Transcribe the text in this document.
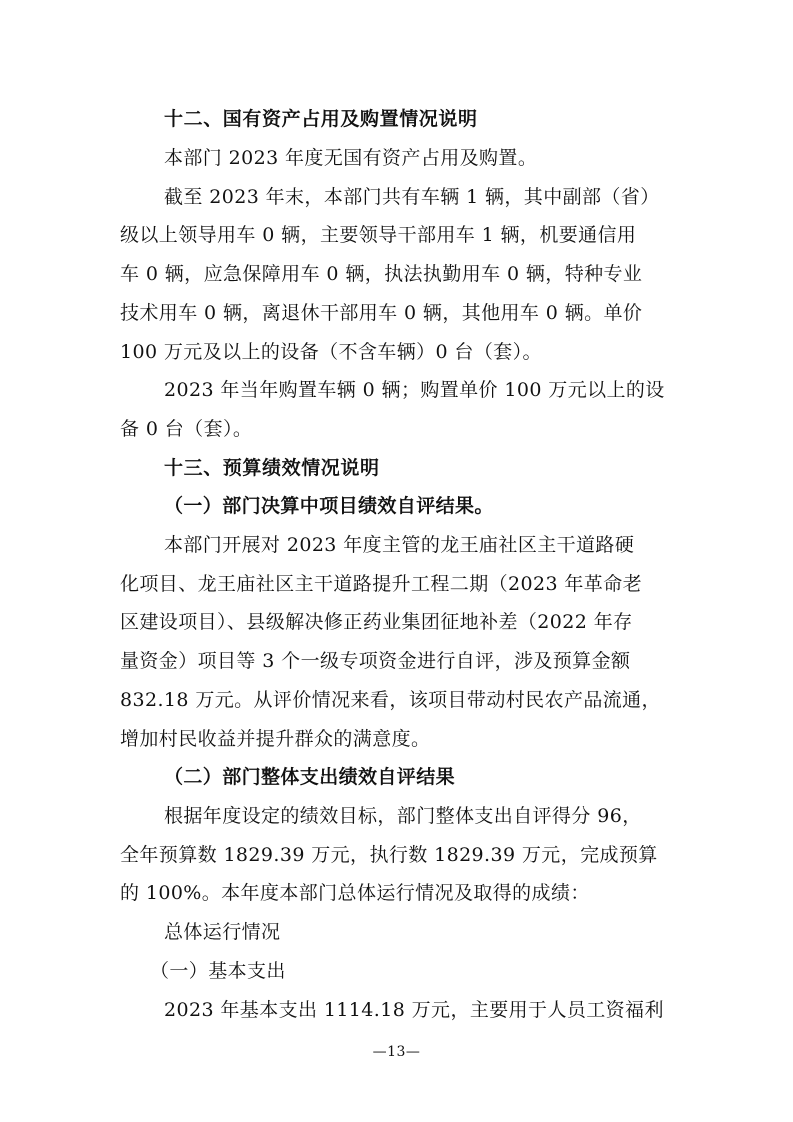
十二、国有资产占用及购置情况说明
本部门 2023 年度无国有资产占用及购置。
截至 2023 年末，本部门共有车辆 1 辆，其中副部（省）
级以上领导用车 0 辆，主要领导干部用车 1 辆，机要通信用
车 0 辆，应急保障用车 0 辆，执法执勤用车 0 辆，特种专业
技术用车 0 辆，离退休干部用车 0 辆，其他用车 0 辆。单价
100 万元及以上的设备（不含车辆）0 台（套）。
2023 年当年购置车辆 0 辆；购置单价 100 万元以上的设
备 0 台（套）。
十三、预算绩效情况说明
（一）部门决算中项目绩效自评结果。
本部门开展对 2023 年度主管的龙王庙社区主干道路硬
化项目、龙王庙社区主干道路提升工程二期（2023 年革命老
区建设项目）、县级解决修正药业集团征地补差（2022 年存
量资金）项目等 3 个一级专项资金进行自评，涉及预算金额
832.18 万元。从评价情况来看，该项目带动村民农产品流通，
增加村民收益并提升群众的满意度。
（二）部门整体支出绩效自评结果
根据年度设定的绩效目标，部门整体支出自评得分 96，
全年预算数 1829.39 万元，执行数 1829.39 万元，完成预算
的 100%。本年度本部门总体运行情况及取得的成绩：
总体运行情况
（一）基本支出
2023 年基本支出 1114.18 万元，主要用于人员工资福利
—13—
